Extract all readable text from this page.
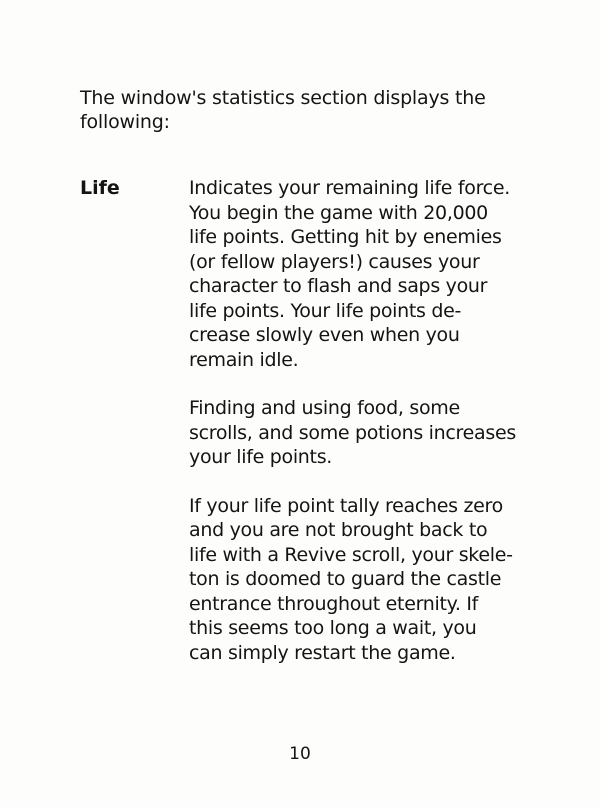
The window's statistics section displays the
following:

Life	Indicates your remaining life force.
You begin the game with 20,000
life points. Getting hit by enemies
(or fellow players!) causes your
character to flash and saps your
life points. Your life points de-
crease slowly even when you
remain idle.

Finding and using food, some
scrolls, and some potions increases
your life points.

If your life point tally reaches zero
and you are not brought back to
life with a Revive scroll, your skele-
ton is doomed to guard the castle
entrance throughout eternity. If
this seems too long a wait, you
can simply restart the game.

10
